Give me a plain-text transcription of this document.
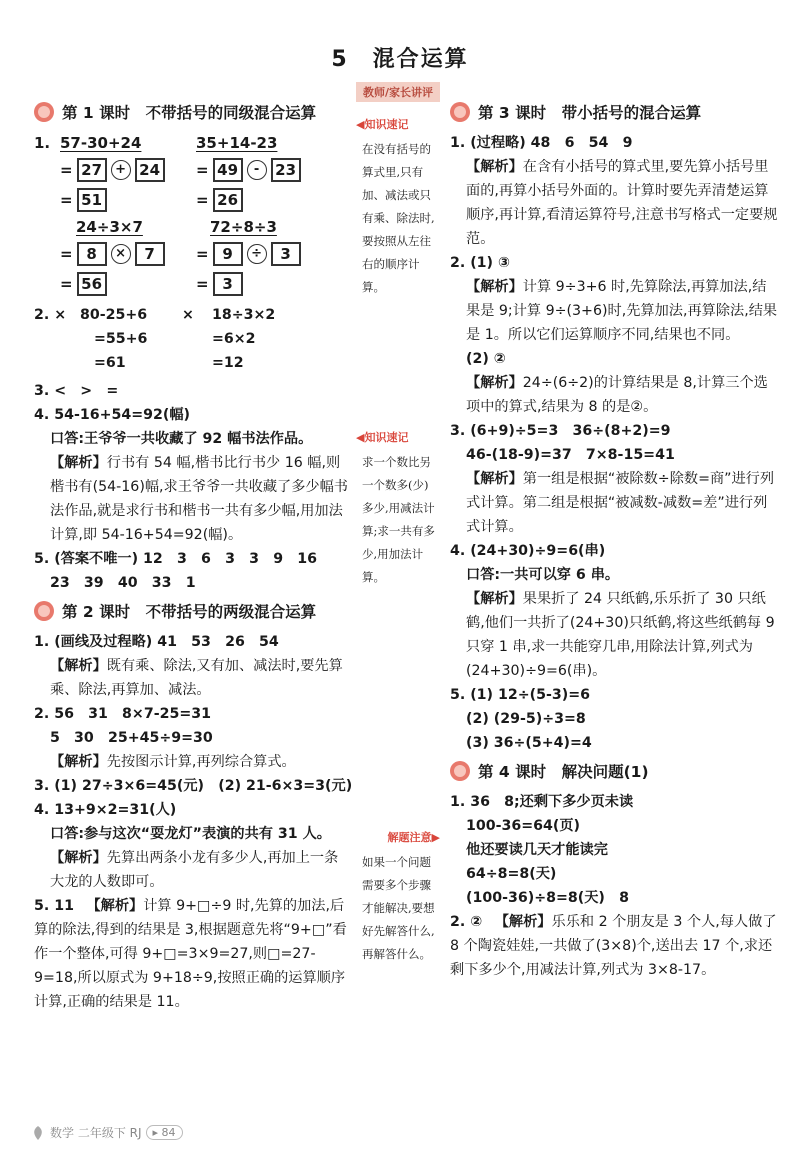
5　混合运算
第 1 课时　不带括号的同级混合运算
1. 57-30+24
= 27	+ 24
= 51
35+14-23
= 49	-	23
= 26
24÷3×7
= 8	×	7
= 56
72÷8÷3
= 9	÷	3
= 3
2. × 80-25+6	×	18÷3×2
=55+6	=6×2
=61	=12
3. <　>　=
4. 54-16+54=92(幅)
口答:王爷爷一共收藏了 92 幅书法作品。
【解析】行书有 54 幅,楷书比行书少 16 幅,则楷书有(54-16)幅,求王爷爷一共收藏了多少幅书法作品,就是求行书和楷书一共有多少幅,用加法计算,即 54-16+54=92(幅)。
5. (答案不唯一) 12　3　6　3　3　9　16
23　39　40　33　1
第 2 课时　不带括号的两级混合运算
1. (画线及过程略) 41　53　26　54
【解析】既有乘、除法,又有加、减法时,要先算乘、除法,再算加、减法。
2. 56　31　8×7-25=31
5　30　25+45÷9=30
【解析】先按图示计算,再列综合算式。
3. (1) 27÷3×6=45(元)　(2) 21-6×3=3(元)
4. 13+9×2=31(人)
口答:参与这次“耍龙灯”表演的共有 31 人。
【解析】先算出两条小龙有多少人,再加上一条大龙的人数即可。
5. 11 【解析】计算 9+□÷9 时,先算的加法,后算的除法,得到的结果是 3,根据题意先将“9+□”看作一个整体,可得 9+□=3×9=27,则□=27-9=18,所以原式为 9+18÷9,按照正确的运算顺序计算,正确的结果是 11。
教师/家长讲评
◀知识速记
在没有括号的算式里,只有加、减法或只有乘、除法时,要按照从左往右的顺序计算。
◀知识速记
求一个数比另一个数多(少)多少,用减法计算;求一共有多少,用加法计算。
解题注意▶
如果一个问题需要多个步骤才能解决,要想好先解答什么,再解答什么。
第 3 课时　带小括号的混合运算
1. (过程略) 48　6　54　9
【解析】在含有小括号的算式里,要先算小括号里面的,再算小括号外面的。计算时要先弄清楚运算顺序,再计算,看清运算符号,注意书写格式一定要规范。
2. (1) ③
【解析】计算 9÷3+6 时,先算除法,再算加法,结果是 9;计算 9÷(3+6)时,先算加法,再算除法,结果是 1。所以它们运算顺序不同,结果也不同。
(2) ②
【解析】24÷(6÷2)的计算结果是 8,计算三个选项中的算式,结果为 8 的是②。
3. (6+9)÷5=3　36÷(8+2)=9
46-(18-9)=37　7×8-15=41
【解析】第一组是根据“被除数÷除数=商”进行列式计算。第二组是根据“被减数-减数=差”进行列式计算。
4. (24+30)÷9=6(串)
口答:一共可以穿 6 串。
【解析】果果折了 24 只纸鹤,乐乐折了 30 只纸鹤,他们一共折了(24+30)只纸鹤,将这些纸鹤每 9 只穿 1 串,求一共能穿几串,用除法计算,列式为(24+30)÷9=6(串)。
5. (1) 12÷(5-3)=6
(2) (29-5)÷3=8
(3) 36÷(5+4)=4
第 4 课时　解决问题(1)
1. 36　8;还剩下多少页未读
100-36=64(页)
他还要读几天才能读完
64÷8=8(天)
(100-36)÷8=8(天)　8
2. ② 【解析】乐乐和 2 个朋友是 3 个人,每人做了 8 个陶瓷娃娃,一共做了(3×8)个,送出去 17 个,求还剩下多少个,用减法计算,列式为 3×8-17。
数学 二年级下 RJ	▸ 84
